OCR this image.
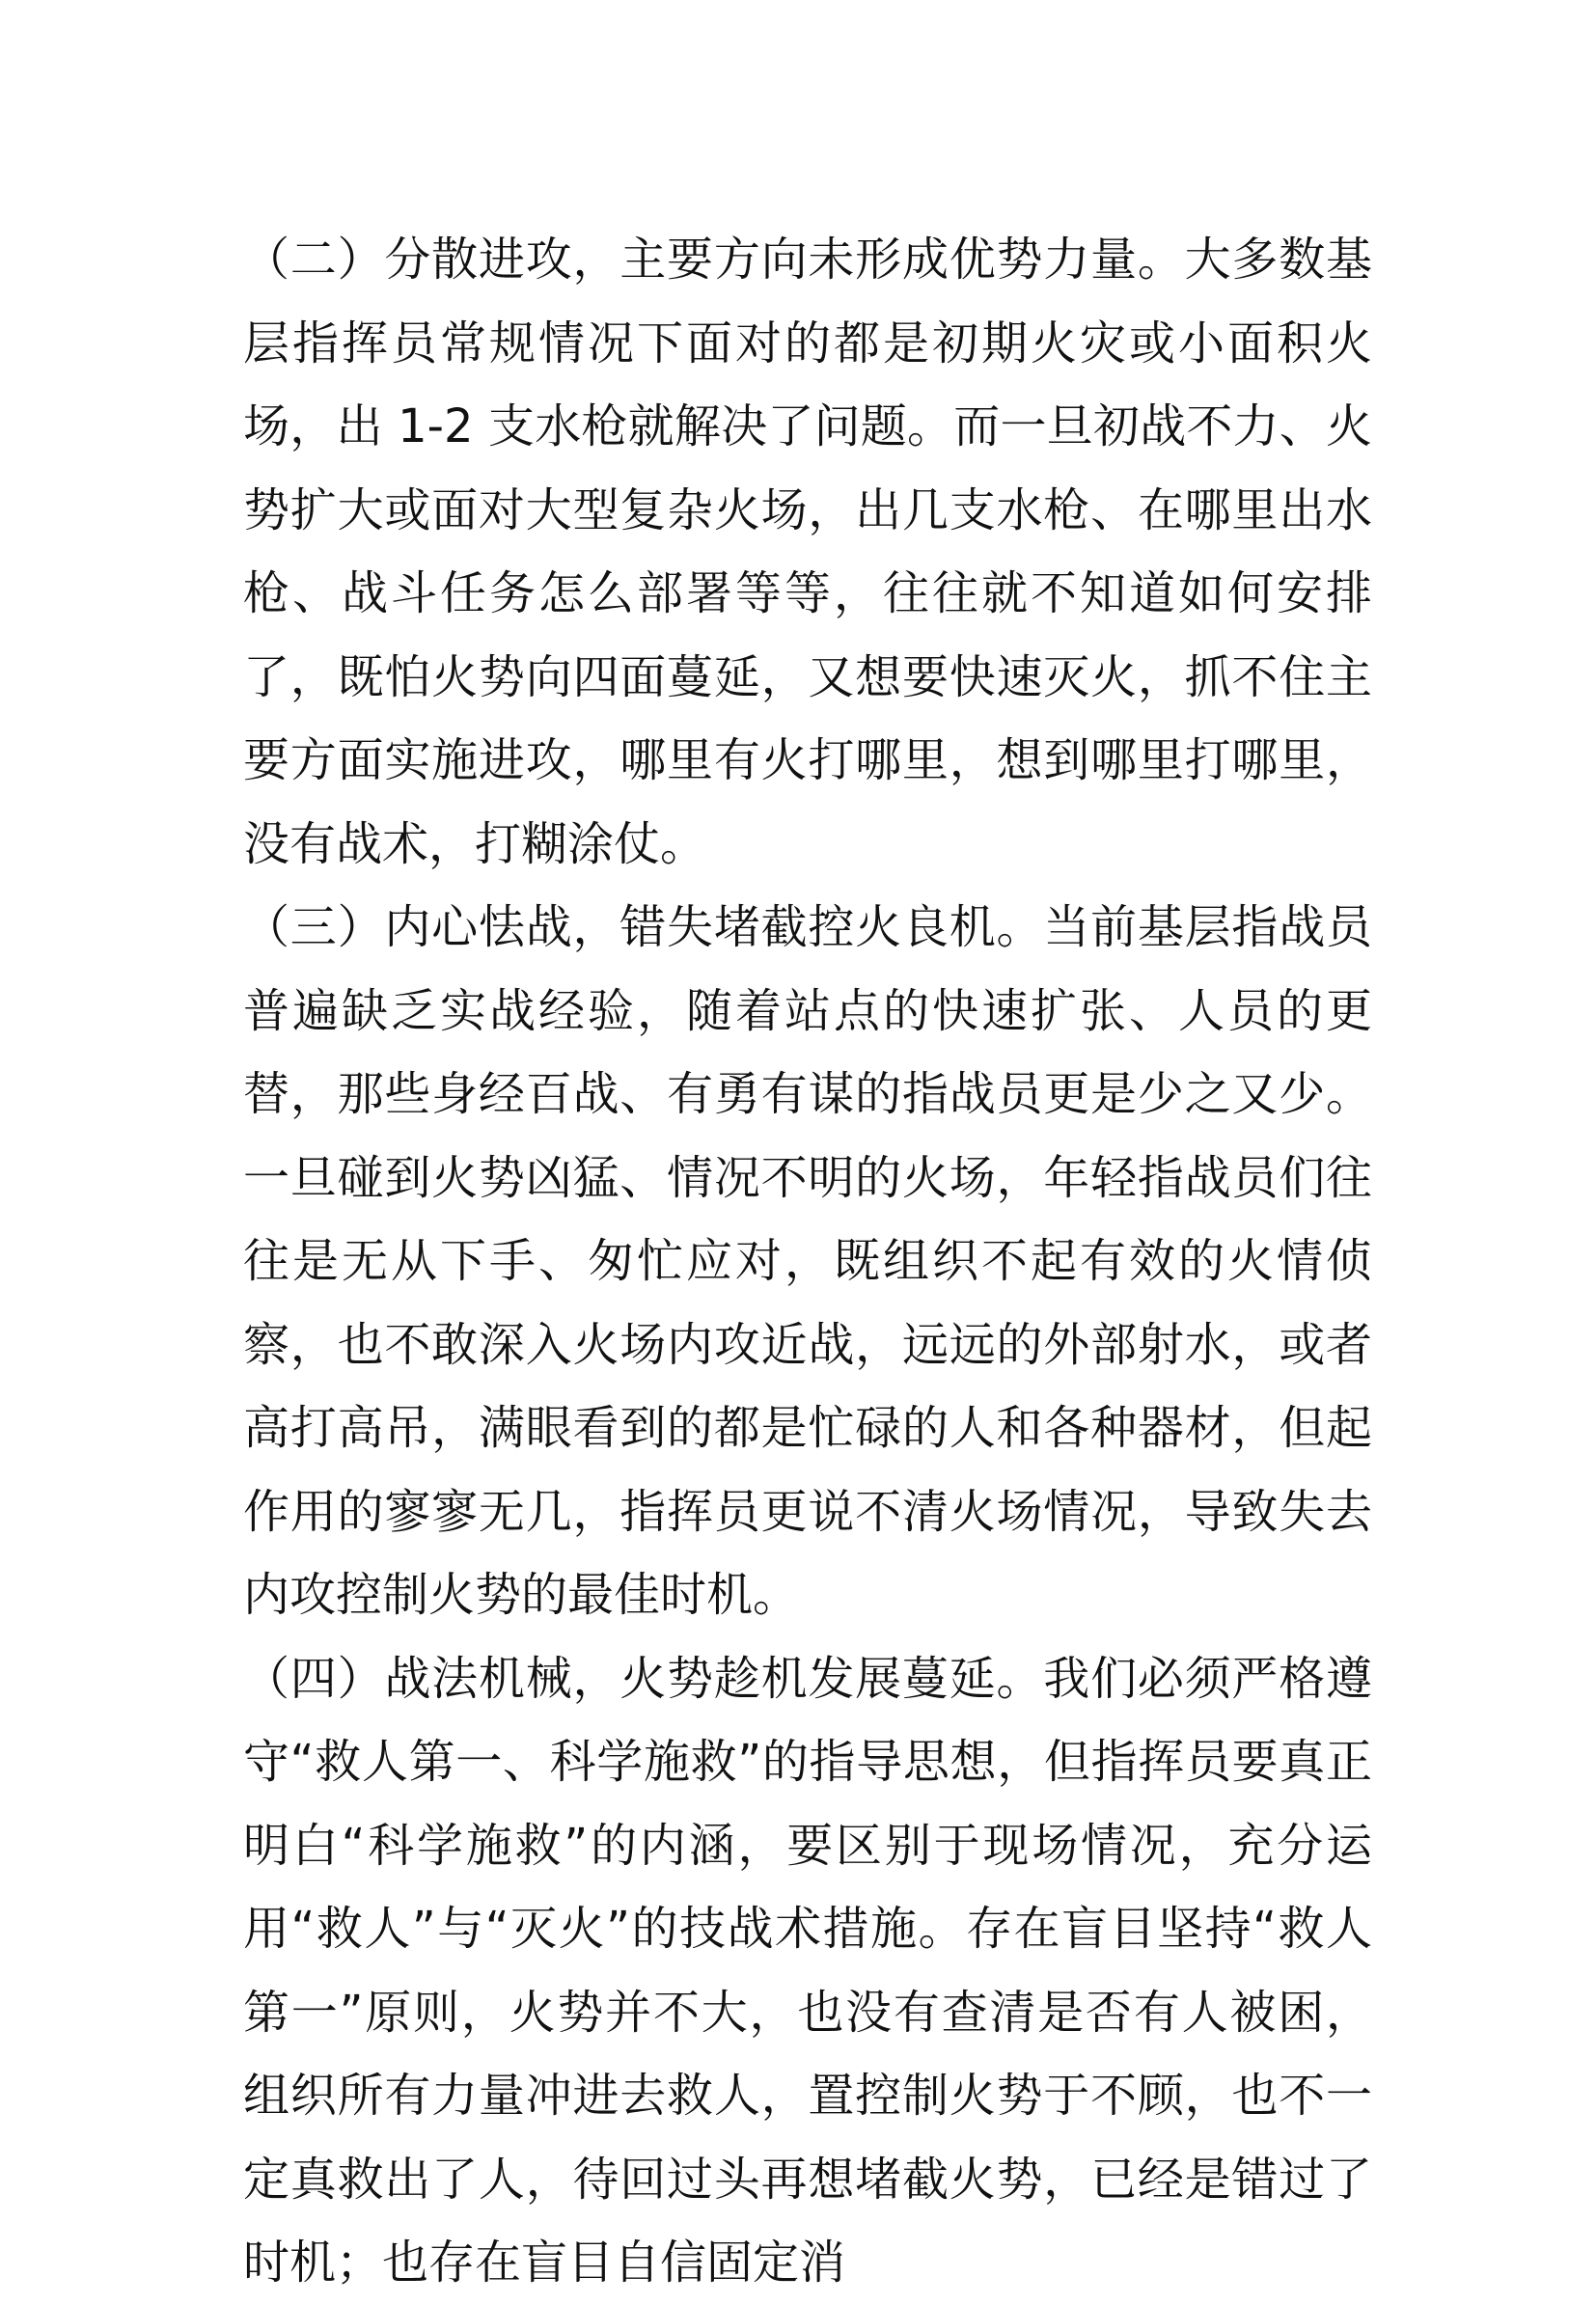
（二）分散进攻，主要方向未形成优势力量。大多数基层指挥员常规情况下面对的都是初期火灾或小面积火场，出 1-2 支水枪就解决了问题。而一旦初战不力、火势扩大或面对大型复杂火场，出几支水枪、在哪里出水枪、战斗任务怎么部署等等，往往就不知道如何安排了，既怕火势向四面蔓延，又想要快速灭火，抓不住主要方面实施进攻，哪里有火打哪里，想到哪里打哪里，没有战术，打糊涂仗。

（三）内心怯战，错失堵截控火良机。当前基层指战员普遍缺乏实战经验，随着站点的快速扩张、人员的更替，那些身经百战、有勇有谋的指战员更是少之又少。一旦碰到火势凶猛、情况不明的火场，年轻指战员们往往是无从下手、匆忙应对，既组织不起有效的火情侦察，也不敢深入火场内攻近战，远远的外部射水，或者高打高吊，满眼看到的都是忙碌的人和各种器材，但起作用的寥寥无几，指挥员更说不清火场情况，导致失去内攻控制火势的最佳时机。

（四）战法机械，火势趁机发展蔓延。我们必须严格遵守“救人第一、科学施救”的指导思想，但指挥员要真正明白“科学施救”的内涵，要区别于现场情况，充分运用“救人”与“灭火”的技战术措施。存在盲目坚持“救人第一”原则，火势并不大，也没有查清是否有人被困，组织所有力量冲进去救人，置控制火势于不顾，也不一定真救出了人，待回过头再想堵截火势，已经是错过了时机；也存在盲目自信固定消
